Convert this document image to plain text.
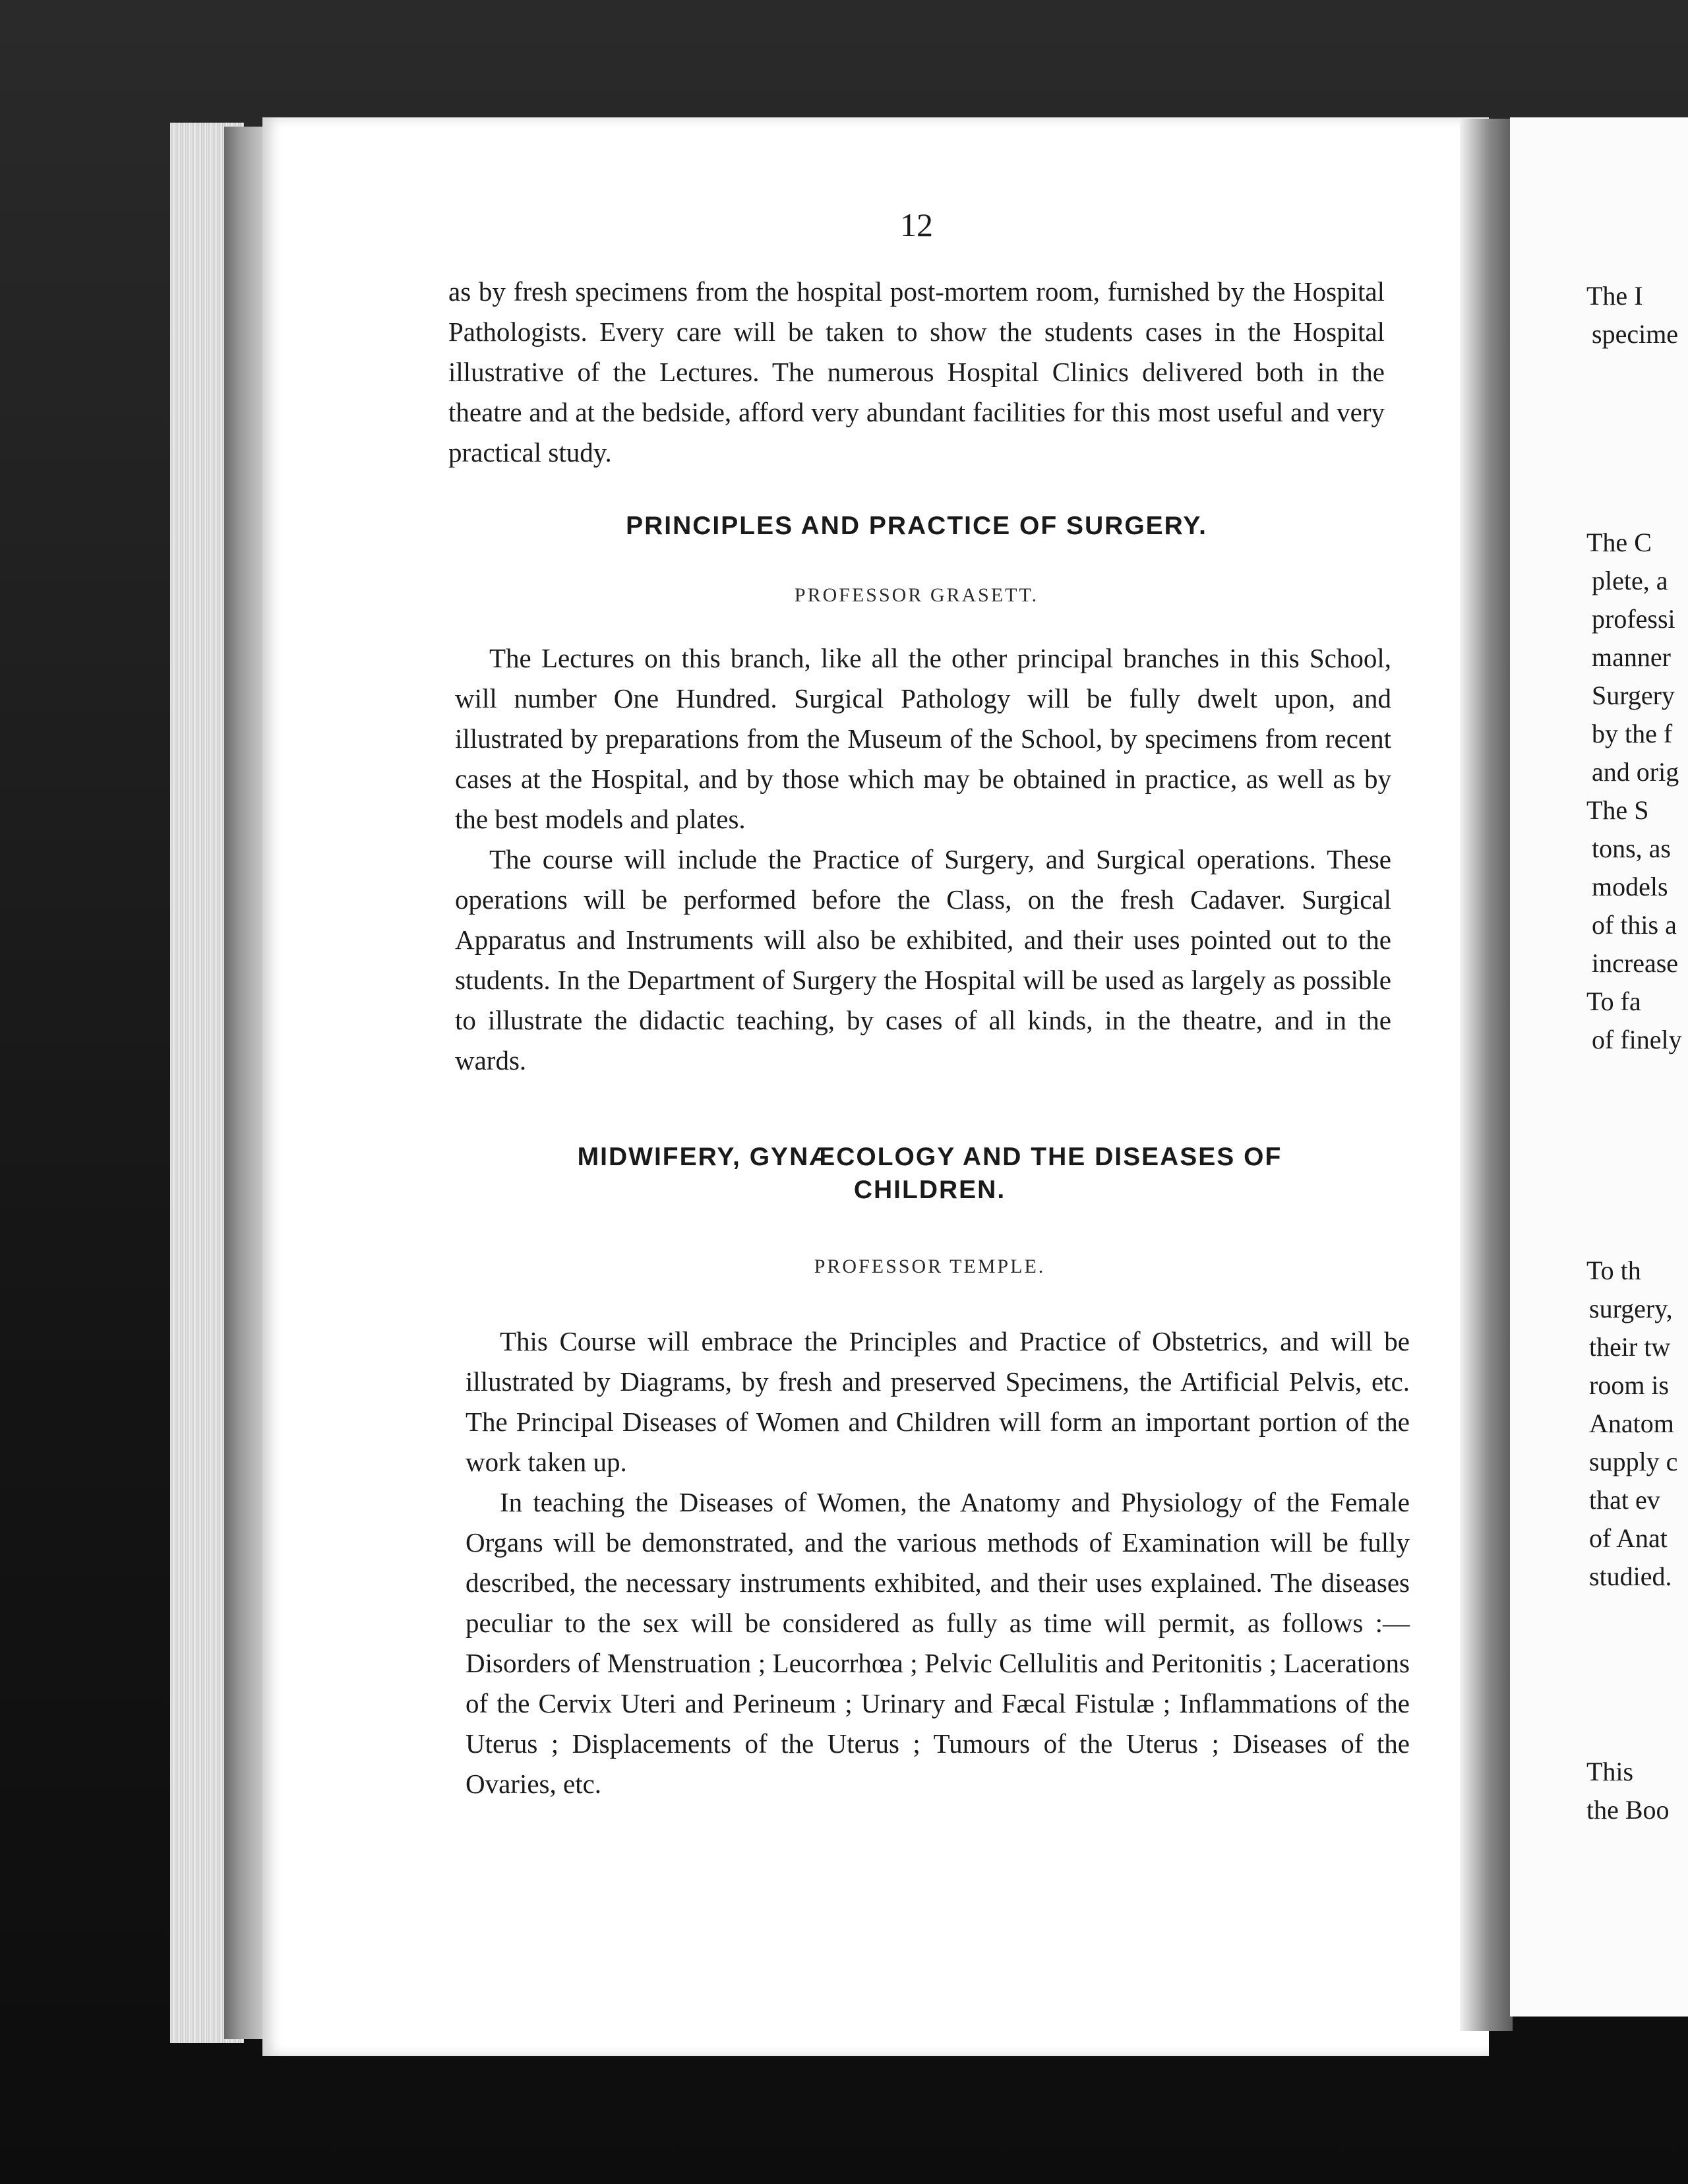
12

as by fresh specimens from the hospital post-mortem room, furnished by the Hospital Pathologists. Every care will be taken to show the students cases in the Hospital illustrative of the Lectures. The numerous Hospital Clinics delivered both in the theatre and at the bedside, afford very abundant facilities for this most useful and very practical study.

PRINCIPLES AND PRACTICE OF SURGERY.
PROFESSOR GRASETT.

The Lectures on this branch, like all the other principal branches in this School, will number One Hundred. Surgical Pathology will be fully dwelt upon, and illustrated by preparations from the Museum of the School, by specimens from recent cases at the Hospital, and by those which may be obtained in practice, as well as by the best models and plates.

The course will include the Practice of Surgery, and Surgical operations. These operations will be performed before the Class, on the fresh Cadaver. Surgical Apparatus and Instruments will also be exhibited, and their uses pointed out to the students. In the Department of Surgery the Hospital will be used as largely as possible to illustrate the didactic teaching, by cases of all kinds, in the theatre, and in the wards.

MIDWIFERY, GYNÆCOLOGY AND THE DISEASES OF
CHILDREN.
PROFESSOR TEMPLE.

This Course will embrace the Principles and Practice of Obstetrics, and will be illustrated by Diagrams, by fresh and preserved Specimens, the Artificial Pelvis, etc. The Principal Diseases of Women and Children will form an important portion of the work taken up.

In teaching the Diseases of Women, the Anatomy and Physiology of the Female Organs will be demonstrated, and the various methods of Examination will be fully described, the necessary instruments exhibited, and their uses explained. The diseases peculiar to the sex will be considered as fully as time will permit, as follows :—Disorders of Menstruation ; Leucorrhœa ; Pelvic Cellulitis and Peritonitis ; Lacerations of the Cervix Uteri and Perineum ; Urinary and Fæcal Fistulæ ; Inflammations of the Uterus ; Displacements of the Uterus ; Tumours of the Uterus ; Diseases of the Ovaries, etc.

The I
specime
The C
plete, a
professi
manner
Surgery
by the f
and orig
The S
tons, as
models
of this a
increase
To fa
of finely
To th
surgery,
their tw
room is
Anatom
supply c
that ev
of Anat
studied.
This
the Boo
